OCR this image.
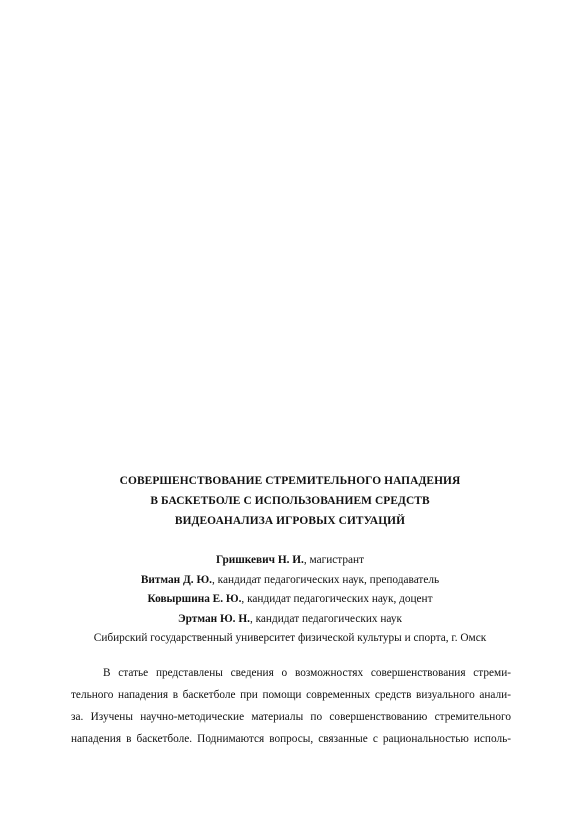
СОВЕРШЕНСТВОВАНИЕ СТРЕМИТЕЛЬНОГО НАПАДЕНИЯ
В БАСКЕТБОЛЕ С ИСПОЛЬЗОВАНИЕМ СРЕДСТВ
ВИДЕОАНАЛИЗА ИГРОВЫХ СИТУАЦИЙ
Гришкевич Н. И., магистрант
Витман Д. Ю., кандидат педагогических наук, преподаватель
Ковыршина Е. Ю., кандидат педагогических наук, доцент
Эртман Ю. Н., кандидат педагогических наук
Сибирский государственный университет физической культуры и спорта, г. Омск
В статье представлены сведения о возможностях совершенствования стреми-
тельного нападения в баскетболе при помощи современных средств визуального анали-
за. Изучены научно-методические материалы по совершенствованию стремительного
нападения в баскетболе. Поднимаются вопросы, связанные с рациональностью исполь-
